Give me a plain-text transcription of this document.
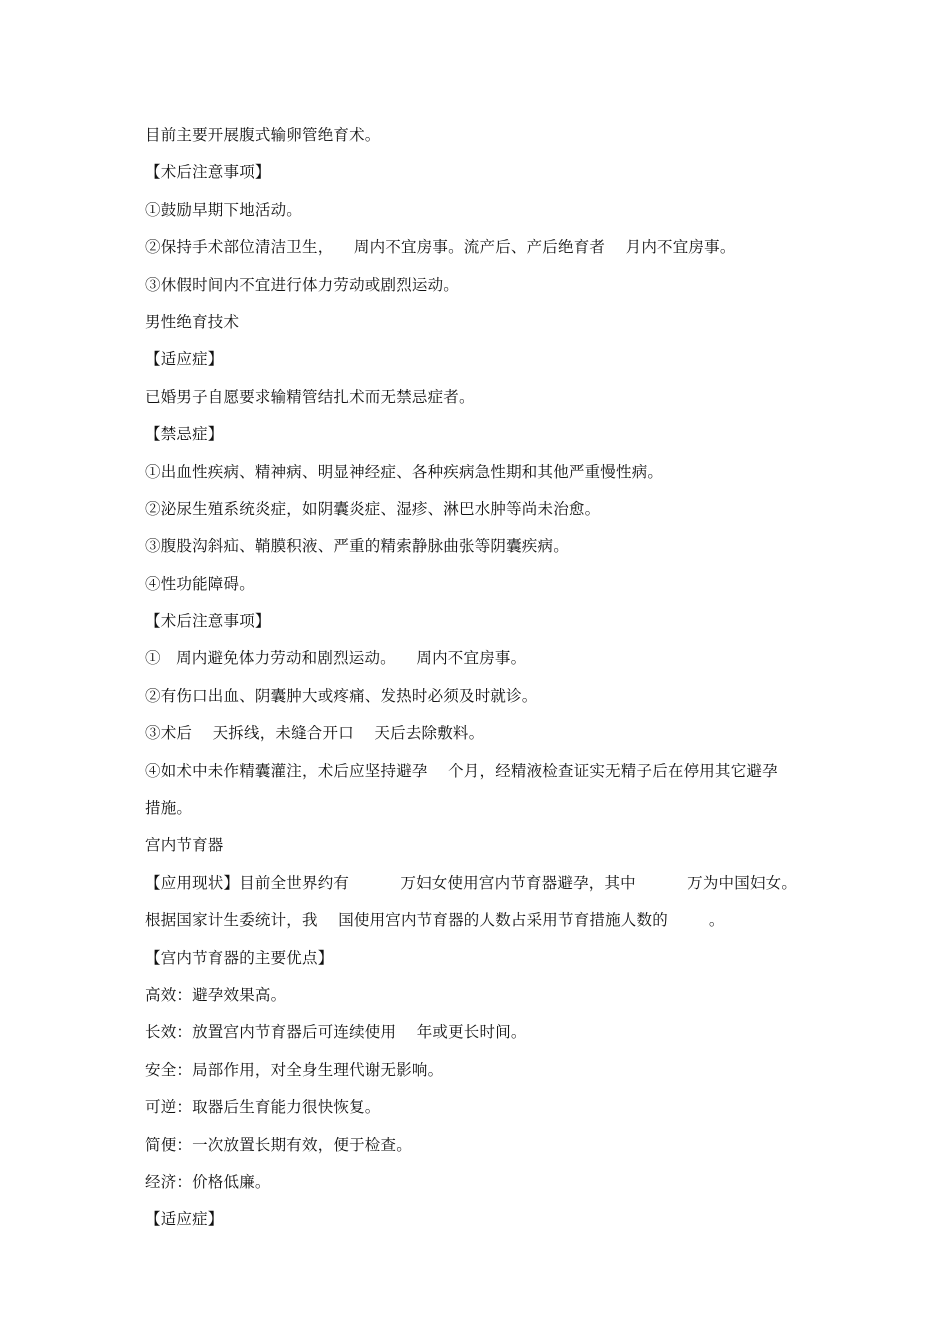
目前主要开展腹式输卵管绝育术。
【术后注意事项】
①鼓励早期下地活动。
②保持手术部位清洁卫生，    周内不宜房事。流产后、产后绝育者    月内不宜房事。
③休假时间内不宜进行体力劳动或剧烈运动。
男性绝育技术
【适应症】
已婚男子自愿要求输精管结扎术而无禁忌症者。
【禁忌症】
①出血性疾病、精神病、明显神经症、各种疾病急性期和其他严重慢性病。
②泌尿生殖系统炎症，如阴囊炎症、湿疹、淋巴水肿等尚未治愈。
③腹股沟斜疝、鞘膜积液、严重的精索静脉曲张等阴囊疾病。
④性功能障碍。
【术后注意事项】
①   周内避免体力劳动和剧烈运动。    周内不宜房事。
②有伤口出血、阴囊肿大或疼痛、发热时必须及时就诊。
③术后    天拆线，未缝合开口    天后去除敷料。
④如术中未作精囊灌注，术后应坚持避孕    个月，经精液检查证实无精子后在停用其它避孕
措施。
宫内节育器
【应用现状】目前全世界约有          万妇女使用宫内节育器避孕，其中          万为中国妇女。
根据国家计生委统计，我    国使用宫内节育器的人数占采用节育措施人数的        。
【宫内节育器的主要优点】
高效：避孕效果高。
长效：放置宫内节育器后可连续使用    年或更长时间。
安全：局部作用，对全身生理代谢无影响。
可逆：取器后生育能力很快恢复。
简便：一次放置长期有效，便于检查。
经济：价格低廉。
【适应症】
